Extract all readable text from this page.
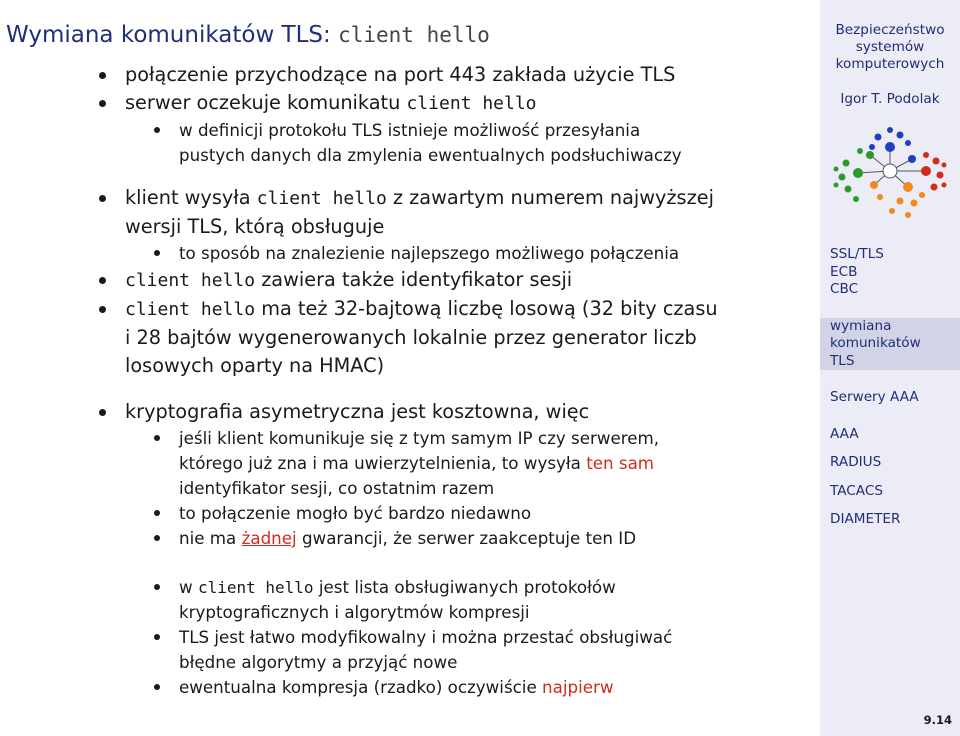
Wymiana komunikatów TLS: client hello
połączenie przychodzące na port 443 zakłada użycie TLS
serwer oczekuje komunikatu client hello
w definicji protokołu TLS istnieje możliwość przesyłania
pustych danych dla zmylenia ewentualnych podsłuchiwaczy
klient wysyła client hello z zawartym numerem najwyższej
wersji TLS, którą obsługuje
to sposób na znalezienie najlepszego możliwego połączenia
client hello zawiera także identyfikator sesji
client hello ma też 32-bajtową liczbę losową (32 bity czasu
i 28 bajtów wygenerowanych lokalnie przez generator liczb
losowych oparty na HMAC)
kryptografia asymetryczna jest kosztowna, więc
jeśli klient komunikuje się z tym samym IP czy serwerem,
którego już zna i ma uwierzytelnienia, to wysyła ten sam
identyfikator sesji, co ostatnim razem
to połączenie mogło być bardzo niedawno
nie ma żadnej gwarancji, że serwer zaakceptuje ten ID
w client hello jest lista obsługiwanych protokołów
kryptograficznych i algorytmów kompresji
TLS jest łatwo modyfikowalny i można przestać obsługiwać
błędne algorytmy a przyjąć nowe
ewentualna kompresja (rzadko) oczywiście najpierw
Bezpieczeństwo
systemów
komputerowych
Igor T. Podolak
SSL/TLS
ECB
CBC
wymiana
komunikatów
TLS
Serwery AAA
AAA
RADIUS
TACACS
DIAMETER
9.14
